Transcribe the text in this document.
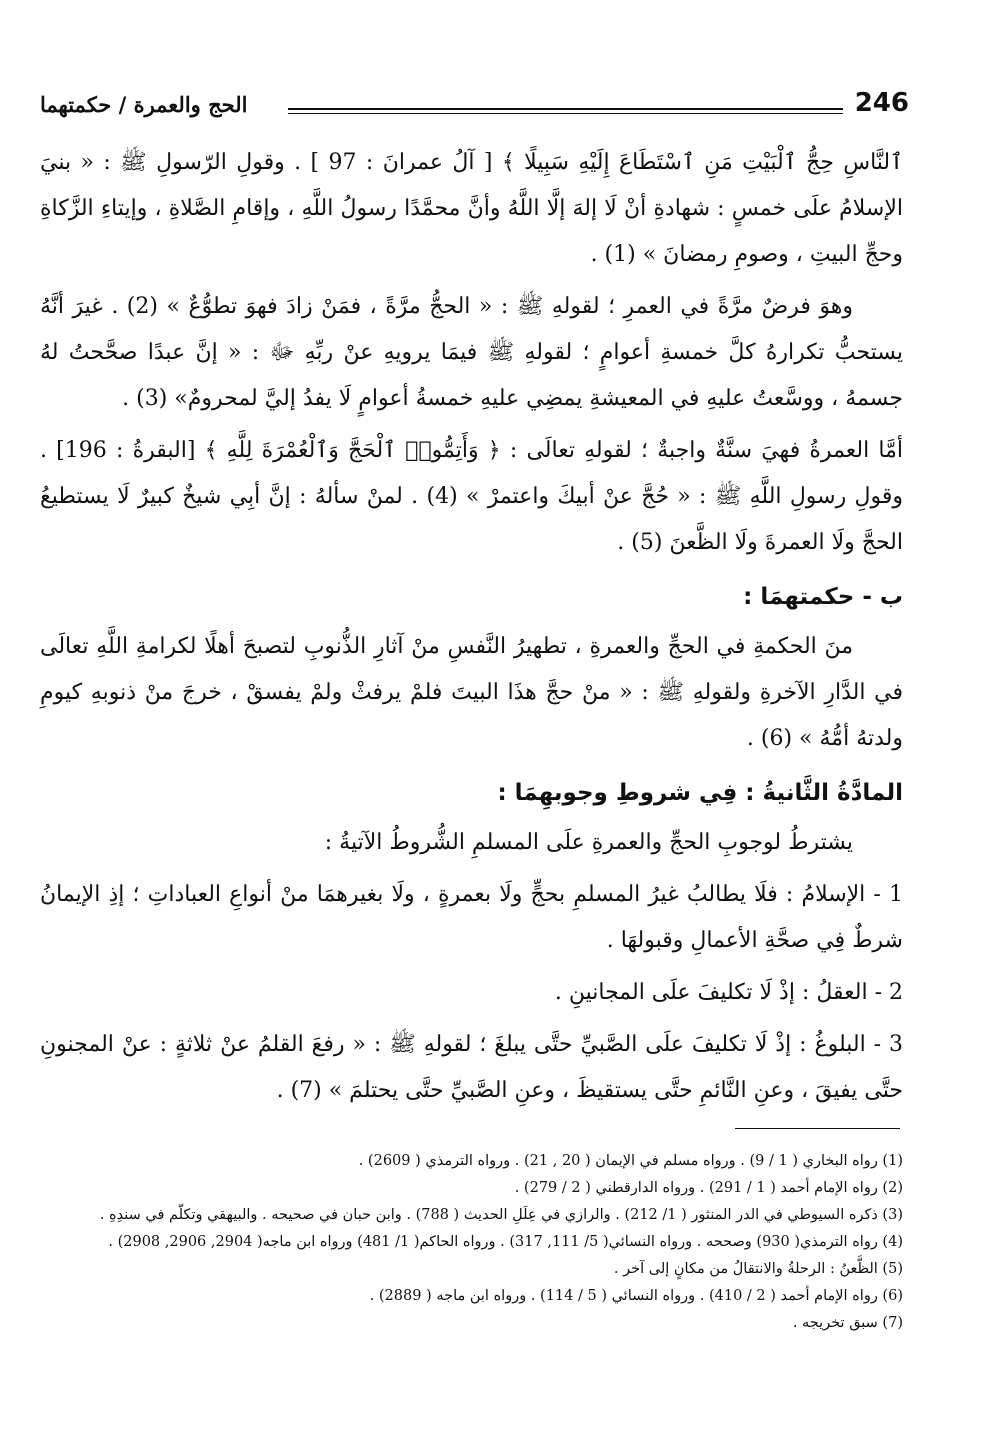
246
الحج والعمرة / حكمتهما

ٱلنَّاسِ حِجُّ ٱلْبَيْتِ مَنِ ٱسْتَطَاعَ إِلَيْهِ سَبِيلًا ﴾ [ آلُ عمرانَ : 97 ] . وقولِ الرّسولِ ﷺ : « بنيَ الإسلامُ علَى خمسٍ : شهادةِ أنْ لَا إلهَ إلَّا اللَّهُ وأنَّ محمَّدًا رسولُ اللَّهِ ، وإقامِ الصَّلاةِ ، وإيتاءِ الزَّكاةِ وحجِّ البيتِ ، وصومِ رمضانَ » (1) .

وهوَ فرضٌ مرَّةً في العمرِ ؛ لقولهِ ﷺ : « الحجُّ مرَّةً ، فمَنْ زادَ فهوَ تطوُّعٌ » (2) . غيرَ أنَّهُ يستحبُّ تكرارهُ كلَّ خمسةِ أعوامٍ ؛ لقولهِ ﷺ فيمَا يرويهِ عنْ ربِّهِ ﷻ : « إنَّ عبدًا صحَّحتُ لهُ جسمهُ ، ووسَّعتُ عليهِ في المعيشةِ يمضِي عليهِ خمسةُ أعوامٍ لَا يفدُ إليَّ لمحرومٌ» (3) .

أمَّا العمرةُ فهيَ سنَّةٌ واجبةٌ ؛ لقولهِ تعالَى : ﴿ وَأَتِمُّوا۟ ٱلْحَجَّ وَٱلْعُمْرَةَ لِلَّهِ ﴾ [البقرةُ : 196] . وقولِ رسولِ اللَّهِ ﷺ : « حُجَّ عنْ أبيكَ واعتمرْ » (4) . لمنْ سألهُ : إنَّ أبِي شيخٌ كبيرٌ لَا يستطيعُ الحجَّ ولَا العمرةَ ولَا الظَّعنَ (5) .

ب - حكمتهمَا :

منَ الحكمةِ في الحجِّ والعمرةِ ، تطهيرُ النَّفسِ منْ آثارِ الذُّنوبِ لتصبحَ أهلًا لكرامةِ اللَّهِ تعالَى في الدَّارِ الآخرةِ ولقولهِ ﷺ : « منْ حجَّ هذَا البيتَ فلمْ يرفثْ ولمْ يفسقْ ، خرجَ منْ ذنوبهِ كيومِ ولدتهُ أمُّهُ » (6) .

المادَّةُ الثَّانيةُ : فِي شروطِ وجوبهِمَا :

يشترطُ لوجوبِ الحجِّ والعمرةِ علَى المسلمِ الشُّروطُ الآتيةُ :

1 - الإسلامُ : فلَا يطالبُ غيرُ المسلمِ بحجٍّ ولَا بعمرةٍ ، ولَا بغيرهمَا منْ أنواعِ العباداتِ ؛ إذِ الإيمانُ شرطٌ فِي صحَّةِ الأعمالِ وقبولهَا .

2 - العقلُ : إذْ لَا تكليفَ علَى المجانينِ .

3 - البلوغُ : إذْ لَا تكليفَ علَى الصَّبيِّ حتَّى يبلغَ ؛ لقولهِ ﷺ : « رفعَ القلمُ عنْ ثلاثةٍ : عنْ المجنونِ حتَّى يفيقَ ، وعنِ النَّائمِ حتَّى يستقيظَ ، وعنِ الصَّبيِّ حتَّى يحتلمَ » (7) .

(1) رواه البخاري ( 1 / 9) . ورواه مسلم في الإيمان ( 20 , 21) . ورواه الترمذي ( 2609) .

(2) رواه الإمام أحمد ( 1 / 291) . ورواه الدارقطني ( 2 / 279) .

(3) ذكره السيوطي في الدر المنثور ( 1/ 212) . والرازي في عِلَلِ الحديث ( 788) . وابن حبان في صحيحه . والبيهقي وتكلّم في سندِهِ .

(4) رواه الترمذي( 930) وصححه . ورواه النسائي( 5/ 111, 317) . ورواه الحاكم( 1/ 481) ورواه ابن ماجه( 2904, 2906, 2908) .

(5) الظَّعنُ : الرحلةُ والانتقالُ من مكانٍ إلى آخر .

(6) رواه الإمام أحمد ( 2 / 410) . ورواه النسائي ( 5 / 114) . ورواه ابن ماجه ( 2889) .

(7) سبق تخريجه .
